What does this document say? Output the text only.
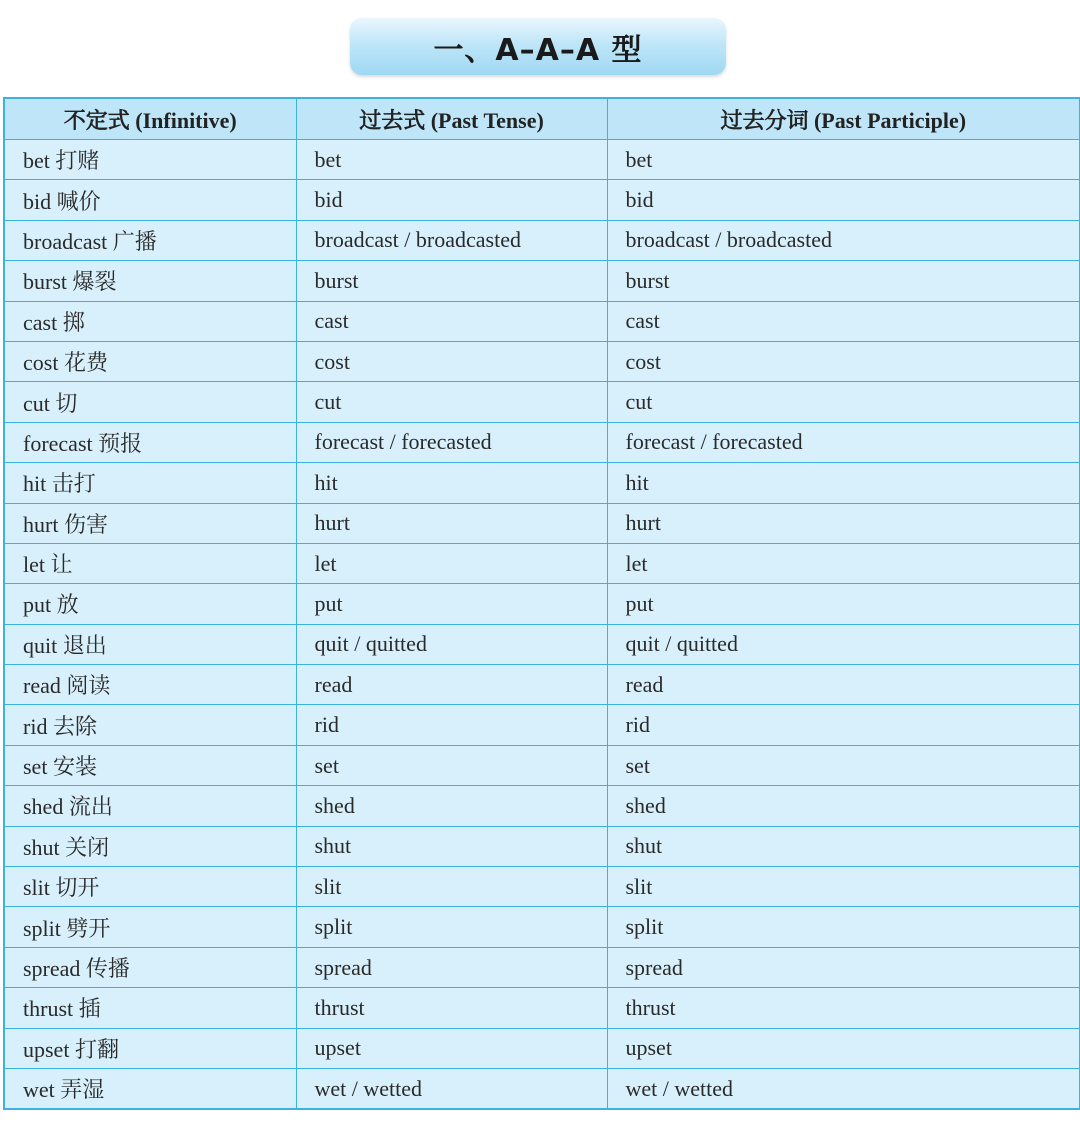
一、A–A–A 型
不定式 (Infinitive)	过去式 (Past Tense)	过去分词 (Past Participle)
bet 打赌	bet	bet
bid 喊价	bid	bid
broadcast 广播	broadcast / broadcasted	broadcast / broadcasted
burst 爆裂	burst	burst
cast 掷	cast	cast
cost 花费	cost	cost
cut 切	cut	cut
forecast 预报	forecast / forecasted	forecast / forecasted
hit 击打	hit	hit
hurt 伤害	hurt	hurt
let 让	let	let
put 放	put	put
quit 退出	quit / quitted	quit / quitted
read 阅读	read	read
rid 去除	rid	rid
set 安装	set	set
shed 流出	shed	shed
shut 关闭	shut	shut
slit 切开	slit	slit
split 劈开	split	split
spread 传播	spread	spread
thrust 插	thrust	thrust
upset 打翻	upset	upset
wet 弄湿	wet / wetted	wet / wetted
